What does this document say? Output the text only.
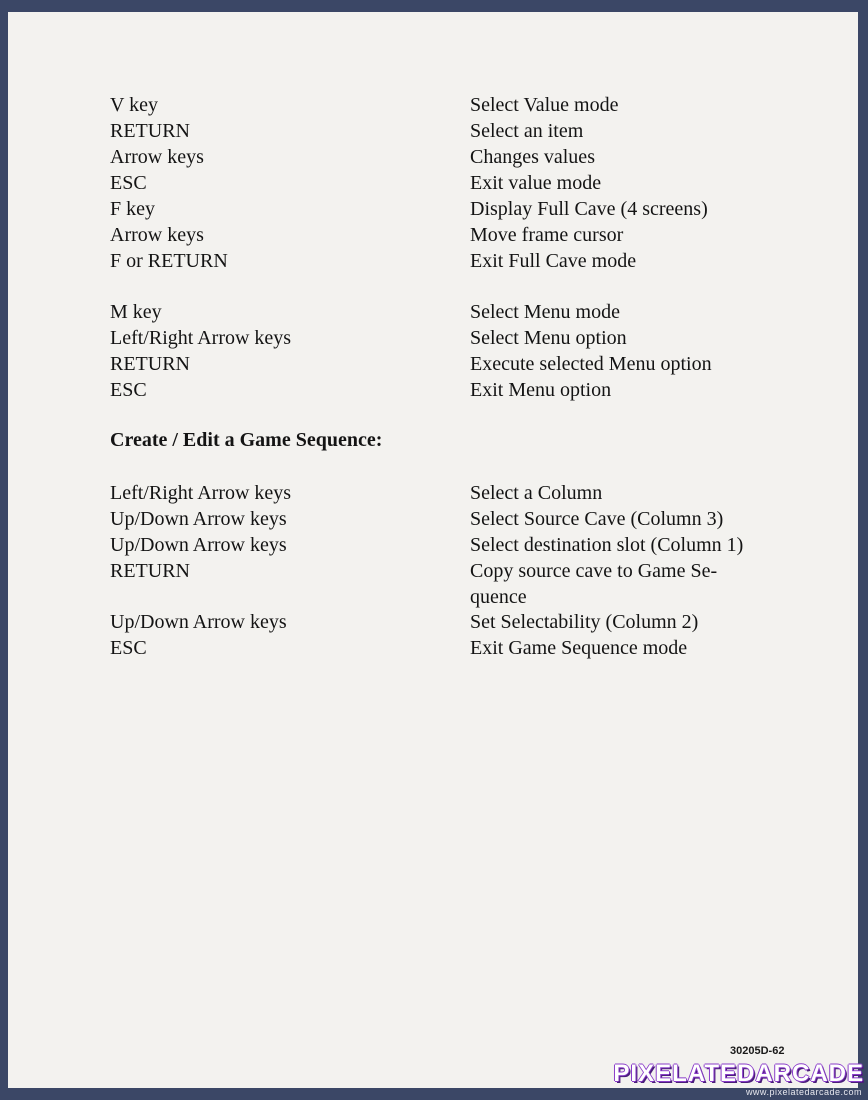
V key	Select Value mode
RETURN	Select an item
Arrow keys	Changes values
ESC	Exit value mode
F key	Display Full Cave (4 screens)
Arrow keys	Move frame cursor
F or RETURN	Exit Full Cave mode
M key	Select Menu mode
Left/Right Arrow keys	Select Menu option
RETURN	Execute selected Menu option
ESC	Exit Menu option
Create / Edit a Game Sequence:
Left/Right Arrow keys	Select a Column
Up/Down Arrow keys	Select Source Cave (Column 3)
Up/Down Arrow keys	Select destination slot (Column 1)
RETURN	Copy source cave to Game Se-
quence
Up/Down Arrow keys	Set Selectability (Column 2)
ESC	Exit Game Sequence mode
30205D-62
PIXELATEDARCADE
www.pixelatedarcade.com
